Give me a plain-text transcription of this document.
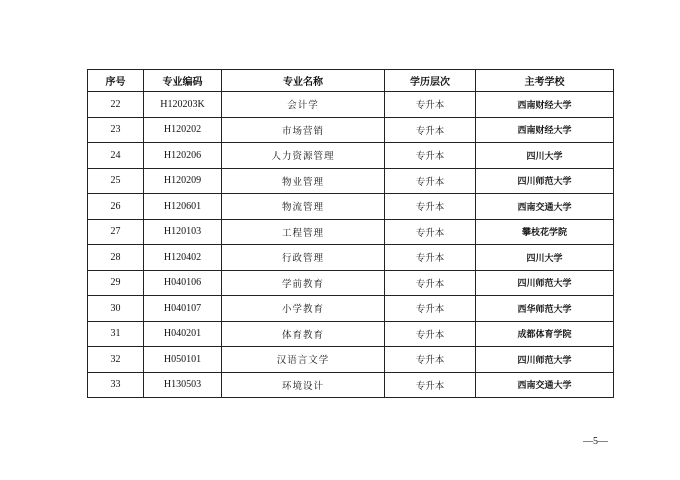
序号	专业编码	专业名称	学历层次	主考学校
22	H120203K	会计学	专升本	西南财经大学
23	H120202	市场营销	专升本	西南财经大学
24	H120206	人力资源管理	专升本	四川大学
25	H120209	物业管理	专升本	四川师范大学
26	H120601	物流管理	专升本	西南交通大学
27	H120103	工程管理	专升本	攀枝花学院
28	H120402	行政管理	专升本	四川大学
29	H040106	学前教育	专升本	四川师范大学
30	H040107	小学教育	专升本	西华师范大学
31	H040201	体育教育	专升本	成都体育学院
32	H050101	汉语言文学	专升本	四川师范大学
33	H130503	环境设计	专升本	西南交通大学
—5—
